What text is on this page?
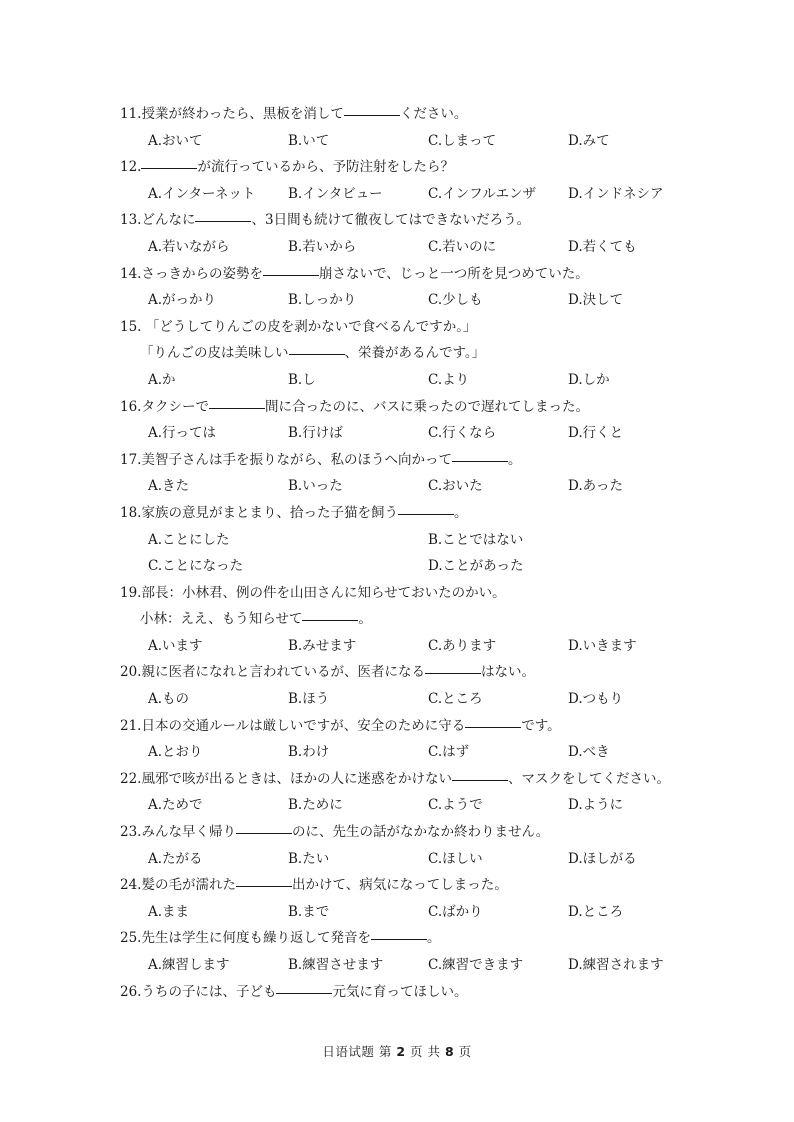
11.授業が終わったら、黒板を消して	ください。
A.おいて	B.いて	C.しまって	D.みて
12.	が流行っているから、予防注射をしたら？
A.インターネット	B.インタビュー	C.インフルエンザ	D.インドネシア
13.どんなに	、3日間も続けて徹夜してはできないだろう。
A.若いながら	B.若いから	C.若いのに	D.若くても
14.さっきからの姿勢を	崩さないで、じっと一つ所を見つめていた。
A.がっかり	B.しっかり	C.少しも	D.決して
15. 「どうしてりんごの皮を剥かないで食べるんですか。」
「りんごの皮は美味しい	、栄養があるんです。」
A.か	B.し	C.より	D.しか
16.タクシーで	間に合ったのに、バスに乗ったので遅れてしまった。
A.行っては	B.行けば	C.行くなら	D.行くと
17.美智子さんは手を振りながら、私のほうへ向かって	。
A.きた	B.いった	C.おいた	D.あった
18.家族の意見がまとまり、拾った子猫を飼う	。
A.ことにした	B.ことではない
C.ことになった	D.ことがあった
19.部長：小林君、例の件を山田さんに知らせておいたのかい。
小林：ええ、もう知らせて	。
A.います	B.みせます	C.あります	D.いきます
20.親に医者になれと言われているが、医者になる	はない。
A.もの	B.ほう	C.ところ	D.つもり
21.日本の交通ルールは厳しいですが、安全のために守る	です。
A.とおり	B.わけ	C.はず	D.べき
22.風邪で咳が出るときは、ほかの人に迷惑をかけない	、マスクをしてください。
A.ためで	B.ために	C.ようで	D.ように
23.みんな早く帰り	のに、先生の話がなかなか終わりません。
A.たがる	B.たい	C.ほしい	D.ほしがる
24.髪の毛が濡れた	出かけて、病気になってしまった。
A.まま	B.まで	C.ばかり	D.ところ
25.先生は学生に何度も繰り返して発音を	。
A.練習します	B.練習させます	C.練習できます	D.練習されます
26.うちの子には、子ども	元気に育ってほしい。
日语试题 第 2 页 共 8 页
